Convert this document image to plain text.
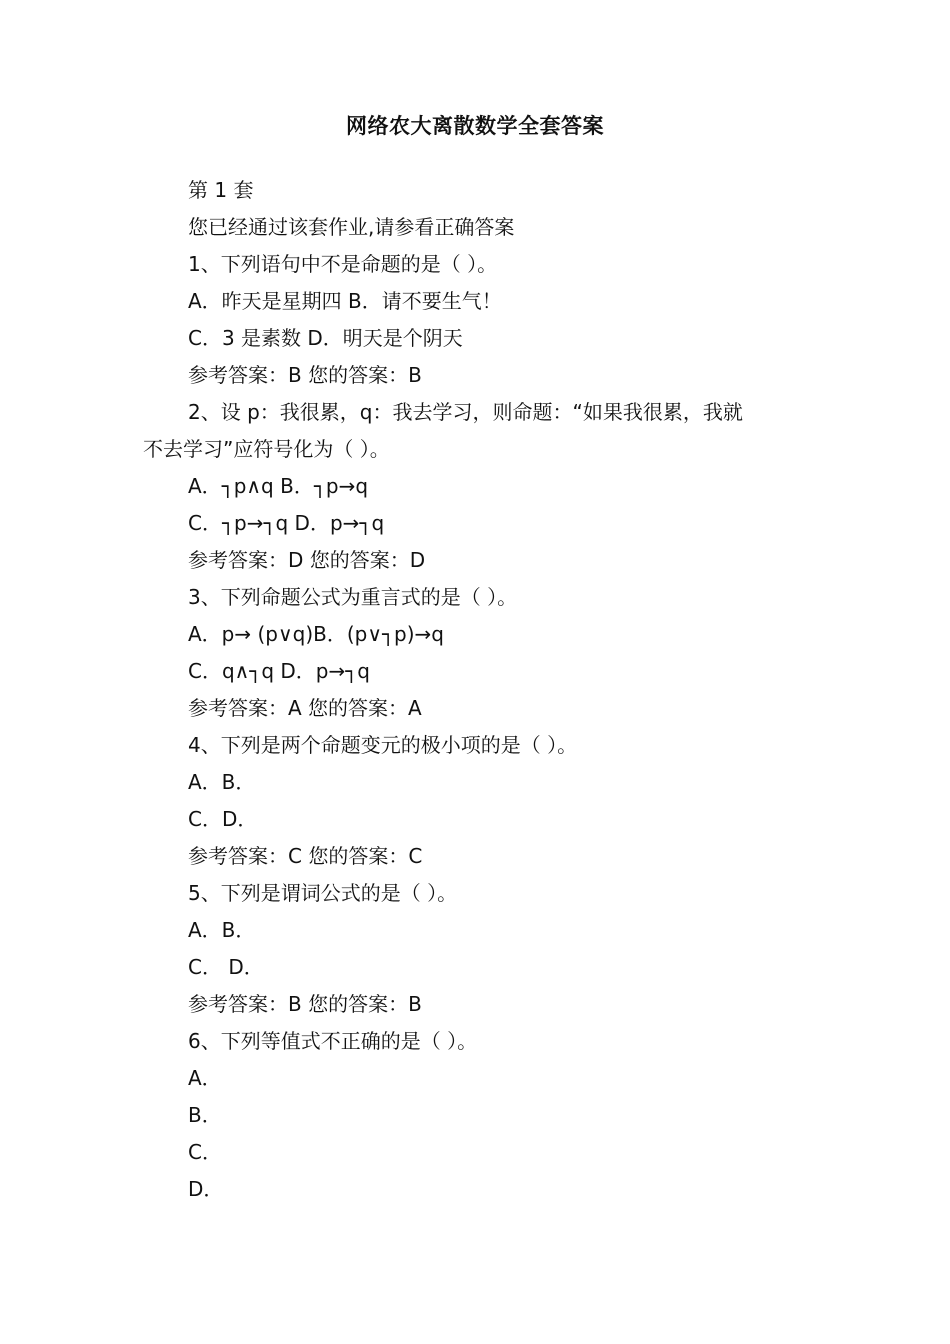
网络农大离散数学全套答案
第 1 套
您已经通过该套作业,请参看正确答案
1、下列语句中不是命题的是（ ）。
A．昨天是星期四 B．请不要生气！
C．3 是素数 D．明天是个阴天
参考答案：B 您的答案：B
2、设 p：我很累，q：我去学习，则命题：“如果我很累，我就
不去学习”应符号化为（ ）。
A．┐p∧q B．┐p→q
C．┐p→┐q D．p→┐q
参考答案：D 您的答案：D
3、下列命题公式为重言式的是（ ）。
A．p→ (p∨q)B．(p∨┐p)→q
C．q∧┐q D．p→┐q
参考答案：A 您的答案：A
4、下列是两个命题变元的极小项的是（ ）。
A．B．
C．D．
参考答案：C 您的答案：C
5、下列是谓词公式的是（ ）。
A．B．
C． D．
参考答案：B 您的答案：B
6、下列等值式不正确的是（ ）。
A．
B．
C．
D．
